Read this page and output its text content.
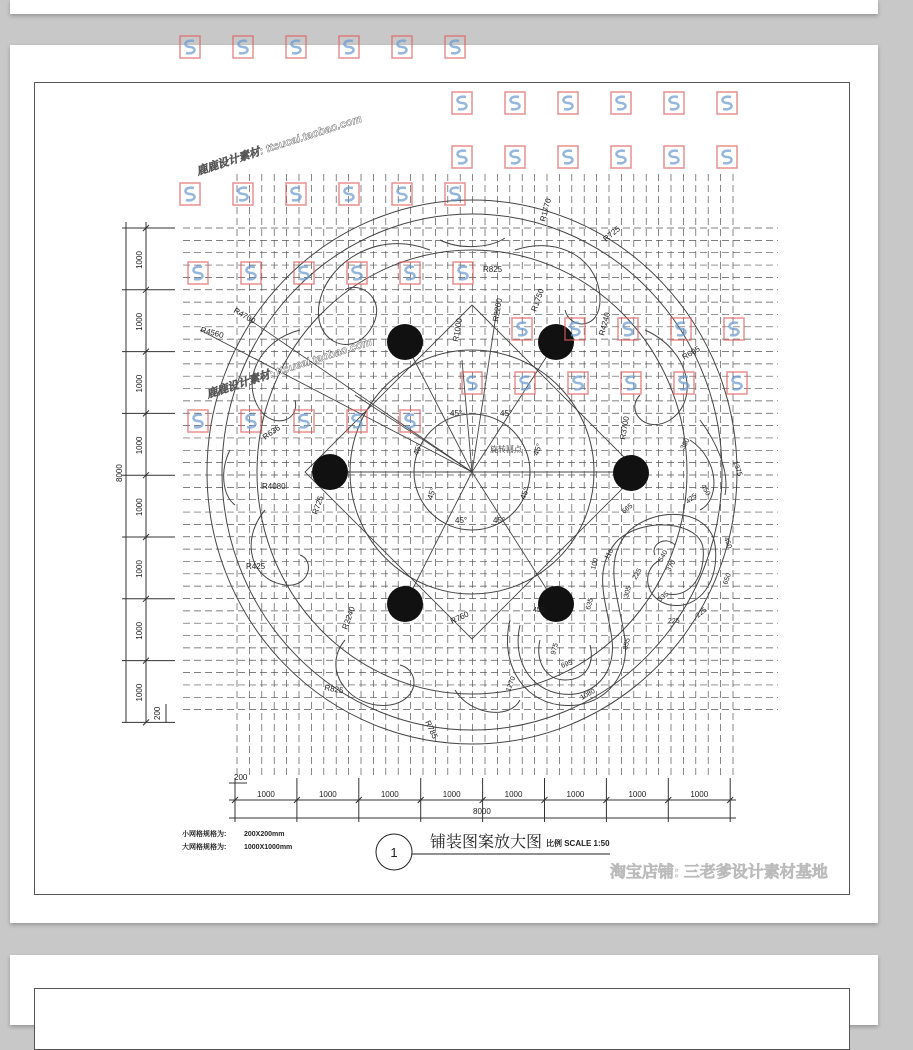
R1770
R725
R825
R2200
R1000
R1750
R4240
R4700
R4560
R605
R636	R3700
R4080
R725
R425
R2240	R760
R825
R785
45°	45°
45°
45°
45°
45°
45°
45°	旋转圆点	380
1375
450
425
665
450
650
100
110
225
370
540
305	335
225
225
450	635
855
975
695
1270
1080
1000	1000	1000	1000	1000	1000	1000	1000
8000
200
1000
1000
1000
1000
1000
1000
1000
1000
8000
200
1
铺装图案放大图 比例 SCALE 1:50
小网格规格为:	200X200mm
大网格规格为:	1000X1000mm
鹿鹿设计素材: ttsucai.taobao.com
鹿鹿设计素材: ttsucai.taobao.com
淘宝店铺: 三老爹设计素材基地
